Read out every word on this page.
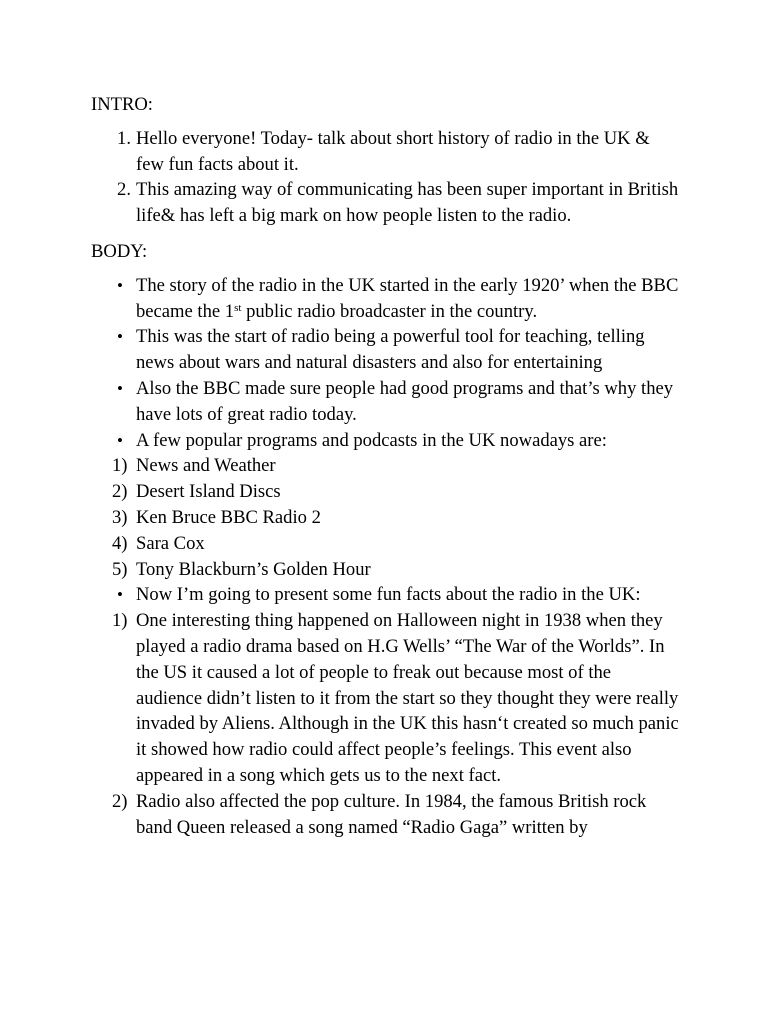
INTRO:
1. Hello everyone! Today- talk about short history of radio in the UK & few fun facts about it.
2. This amazing way of communicating has been super important in British life& has left a big mark on how people listen to the radio.
BODY:
• The story of the radio in the UK started in the early 1920’ when the BBC became the 1st public radio broadcaster in the country.
• This was the start of radio being a powerful tool for teaching, telling news about wars and natural disasters and also for entertaining
• Also the BBC made sure people had good programs and that’s why they have lots of great radio today.
• A few popular programs and podcasts in the UK nowadays are:
1) News and Weather
2) Desert Island Discs
3) Ken Bruce BBC Radio 2
4) Sara Cox
5) Tony Blackburn’s Golden Hour
• Now I’m going to present some fun facts about the radio in the UK:
1) One interesting thing happened on Halloween night in 1938 when they played a radio drama based on H.G Wells’ “The War of the Worlds”. In the US it caused a lot of people to freak out because most of the audience didn’t listen to it from the start so they thought they were really invaded by Aliens. Although in the UK this hasn‘t created so much panic it showed how radio could affect people’s feelings. This event also appeared in a song which gets us to the next fact.
2) Radio also affected the pop culture. In 1984, the famous British rock band Queen released a song named “Radio Gaga” written by
